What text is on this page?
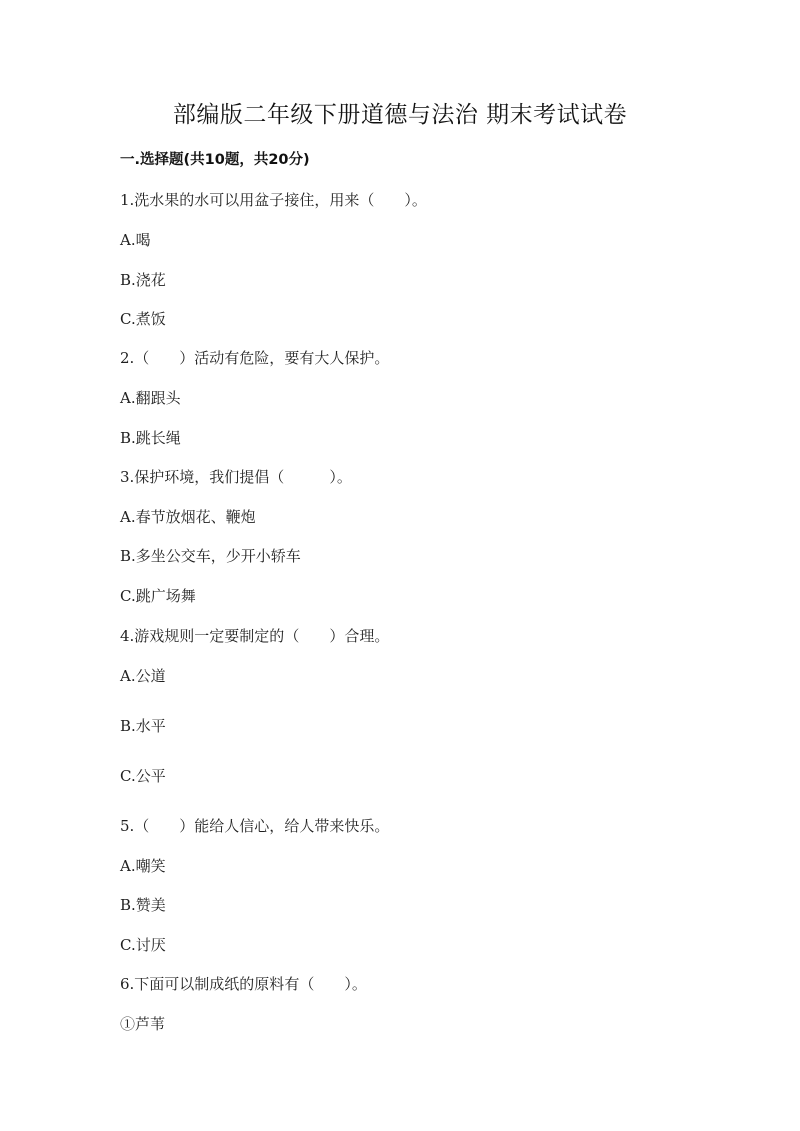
部编版二年级下册道德与法治 期末考试试卷
一.选择题(共10题，共20分)
1.洗水果的水可以用盆子接住，用来（　　）。
A.喝
B.浇花
C.煮饭
2.（　　）活动有危险，要有大人保护。
A.翻跟头
B.跳长绳
3.保护环境，我们提倡（　　　）。
A.春节放烟花、鞭炮
B.多坐公交车，少开小轿车
C.跳广场舞
4.游戏规则一定要制定的（　　）合理。
A.公道
B.水平
C.公平
5.（　　）能给人信心，给人带来快乐。
A.嘲笑
B.赞美
C.讨厌
6.下面可以制成纸的原料有（　　）。
①芦苇
